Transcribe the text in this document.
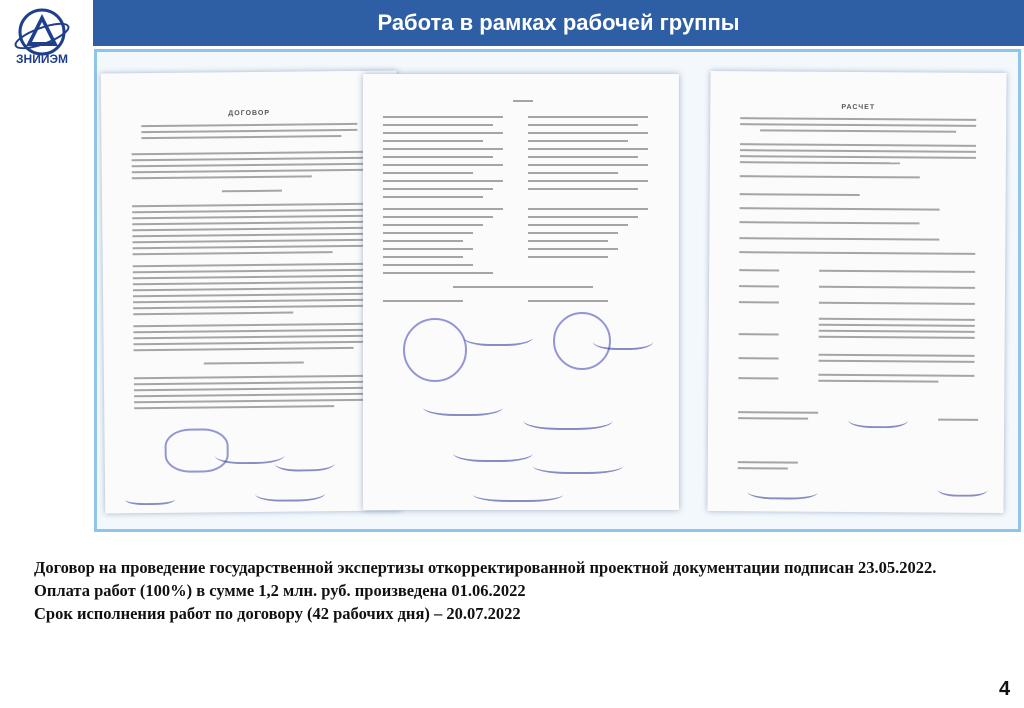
ЗНИИЭМ
Работа в рамках рабочей группы
ДОГОВОР
РАСЧЕТ

Договор на проведение государственной экспертизы откорректированной проектной документации подписан 23.05.2022.

Оплата работ (100%) в сумме 1,2 млн. руб. произведена 01.06.2022

Срок исполнения работ по договору (42 рабочих дня) – 20.07.2022

4
